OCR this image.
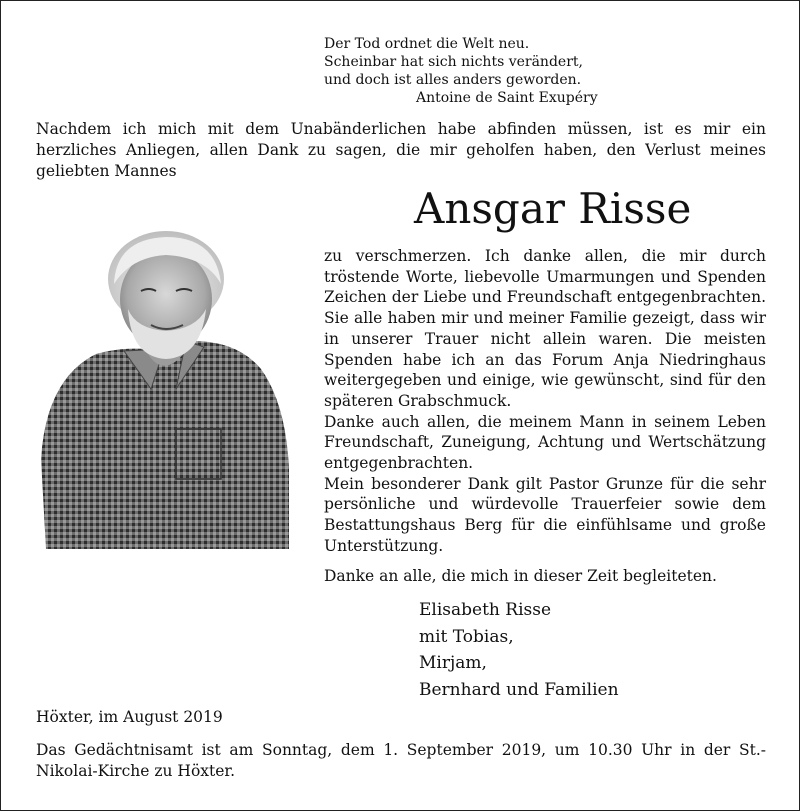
Der Tod ordnet die Welt neu.
Scheinbar hat sich nichts verändert,
und doch ist alles anders geworden.
Antoine de Saint Exupéry

Nachdem ich mich mit dem Unabänderlichen habe abfinden müssen, ist es mir ein herzliches Anliegen, allen Dank zu sagen, die mir geholfen haben, den Verlust meines geliebten Mannes

Ansgar Risse
zu verschmerzen. Ich danke allen, die mir durch tröstende Worte, liebevolle Umarmungen und Spenden Zeichen der Liebe und Freundschaft entgegenbrachten. Sie alle haben mir und meiner Familie gezeigt, dass wir in unserer Trauer nicht allein waren. Die meisten Spenden habe ich an das Forum Anja Niedringhaus weitergegeben und einige, wie gewünscht, sind für den späteren Grabschmuck.
Danke auch allen, die meinem Mann in seinem Leben Freundschaft, Zuneigung, Achtung und Wertschätzung entgegenbrachten.
Mein besonderer Dank gilt Pastor Grunze für die sehr persönliche und würdevolle Trauerfeier sowie dem Bestattungshaus Berg für die einfühlsame und große Unterstützung.

Danke an alle, die mich in dieser Zeit begleiteten.

Elisabeth Risse
mit Tobias,
Mirjam,
Bernhard und Familien

Höxter, im August 2019

Das Gedächtnisamt ist am Sonntag, dem 1. September 2019, um 10.30 Uhr in der St.-Nikolai-Kirche zu Höxter.
